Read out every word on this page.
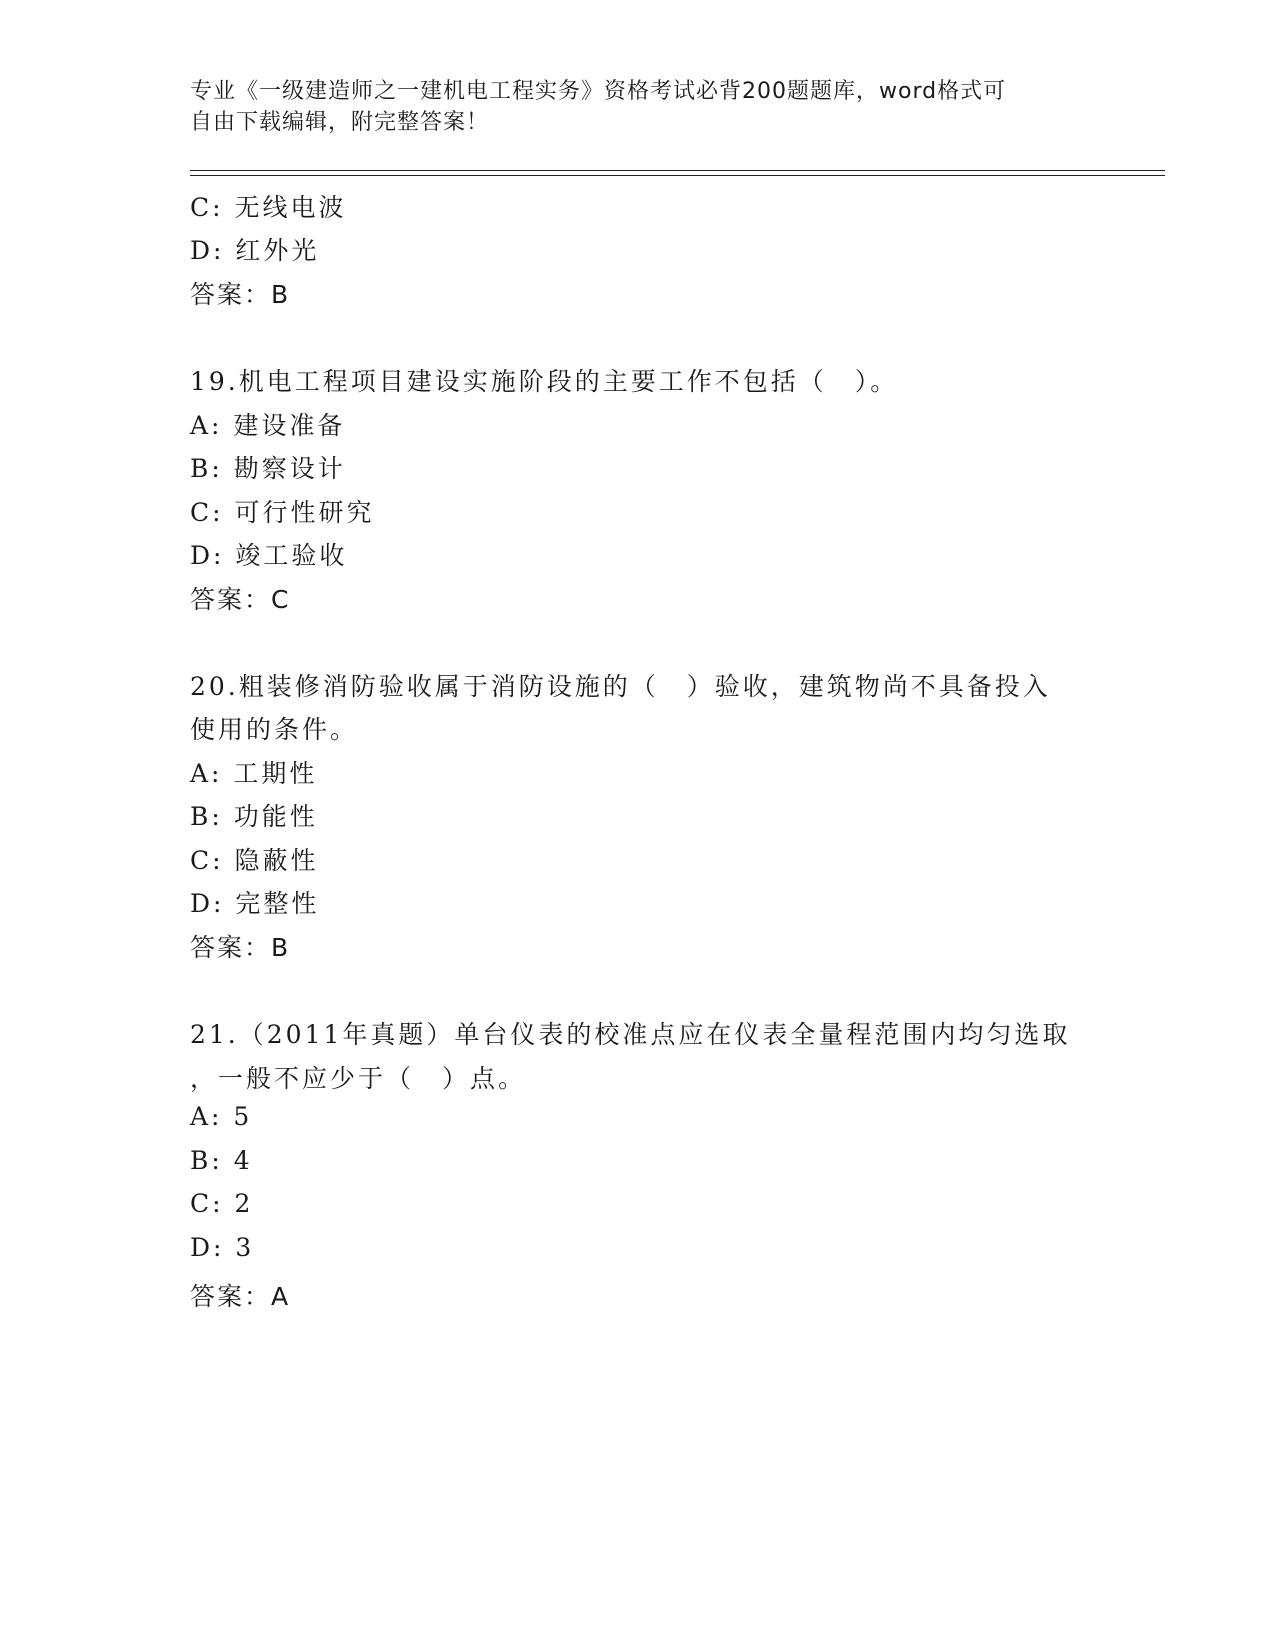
专业《一级建造师之一建机电工程实务》资格考试必背200题题库，word格式可
自由下载编辑，附完整答案！
C: 无线电波
D: 红外光
答案：B
19.机电工程项目建设实施阶段的主要工作不包括（　）。
A: 建设准备
B: 勘察设计
C: 可行性研究
D: 竣工验收
答案：C
20.粗装修消防验收属于消防设施的（　）验收，建筑物尚不具备投入
使用的条件。
A: 工期性
B: 功能性
C: 隐蔽性
D: 完整性
答案：B
21.（2011年真题）单台仪表的校准点应在仪表全量程范围内均匀选取
，一般不应少于（　）点。
A: 5
B: 4
C: 2
D: 3
答案：A
